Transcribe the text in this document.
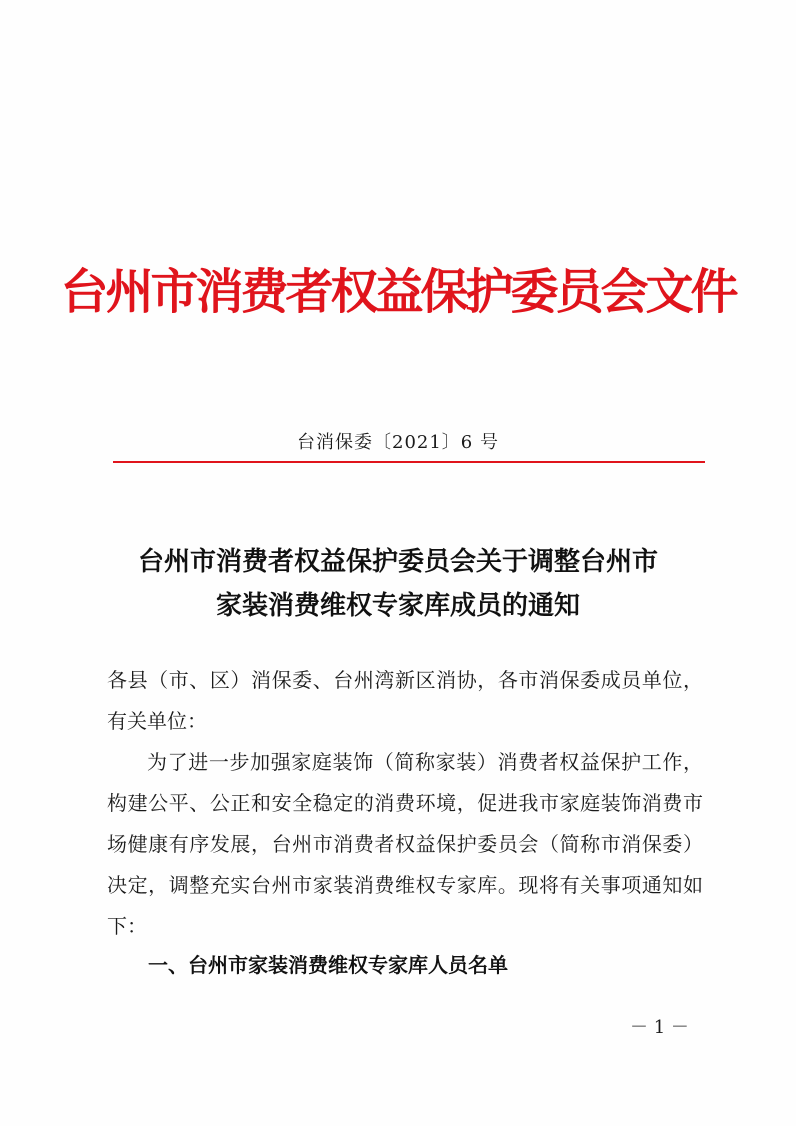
台州市消费者权益保护委员会文件
台消保委〔2021〕6 号
台州市消费者权益保护委员会关于调整台州市
家装消费维权专家库成员的通知

各县（市、区）消保委、台州湾新区消协，各市消保委成员单位，有关单位：

为了进一步加强家庭装饰（简称家装）消费者权益保护工作，构建公平、公正和安全稳定的消费环境，促进我市家庭装饰消费市场健康有序发展，台州市消费者权益保护委员会（简称市消保委）决定，调整充实台州市家装消费维权专家库。现将有关事项通知如下：

一、台州市家装消费维权专家库人员名单
－ 1 －
